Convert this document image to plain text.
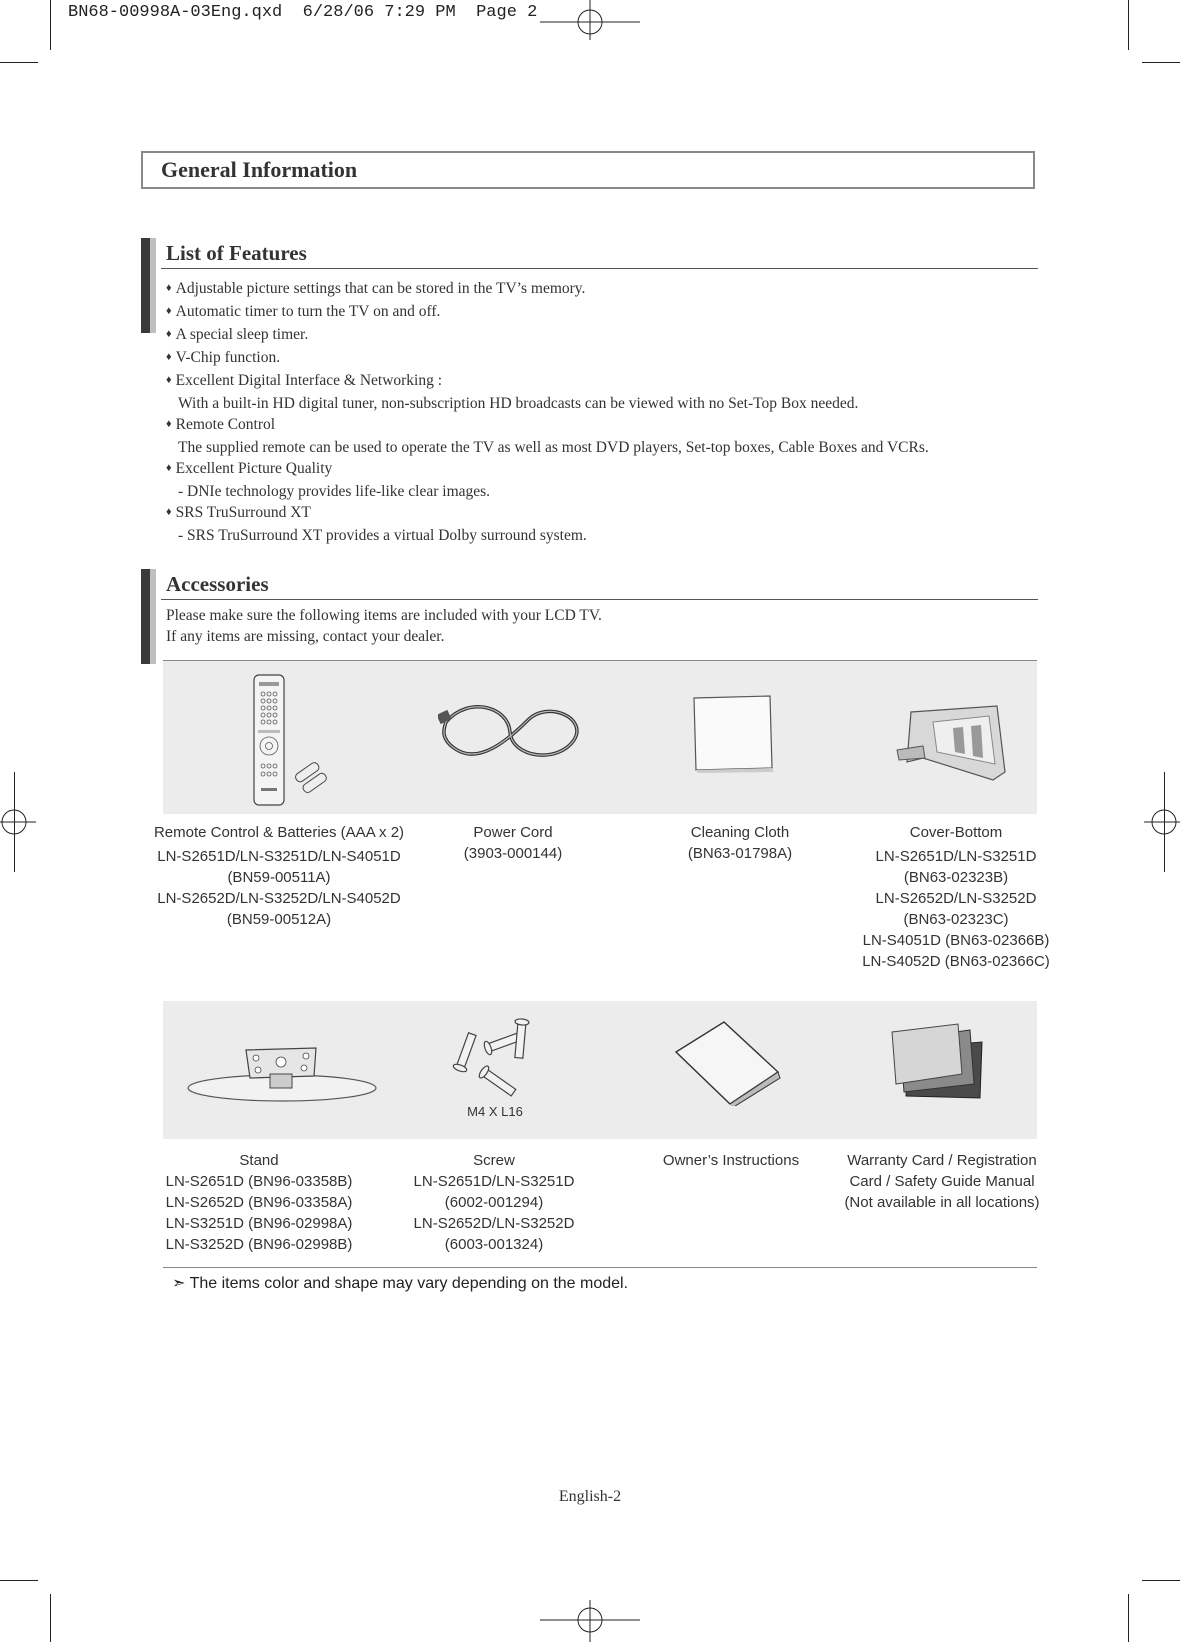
BN68-00998A-03Eng.qxd 6/28/06 7:29 PM Page 2
General Information
List of Features
♦ Adjustable picture settings that can be stored in the TV’s memory.
♦ Automatic timer to turn the TV on and off.
♦ A special sleep timer.
♦ V-Chip function.
♦ Excellent Digital Interface & Networking :
With a built-in HD digital tuner, non-subscription HD broadcasts can be viewed with no Set-Top Box needed.
♦ Remote Control
The supplied remote can be used to operate the TV as well as most DVD players, Set-top boxes, Cable Boxes and VCRs.
♦ Excellent Picture Quality
- DNIe technology provides life-like clear images.
♦ SRS TruSurround XT
- SRS TruSurround XT provides a virtual Dolby surround system.
Accessories
Please make sure the following items are included with your LCD TV.
If any items are missing, contact your dealer.
Remote Control & Batteries (AAA x 2)
LN-S2651D/LN-S3251D/LN-S4051D
(BN59-00511A)
LN-S2652D/LN-S3252D/LN-S4052D
(BN59-00512A)
Power Cord
(3903-000144)
Cleaning Cloth
(BN63-01798A)
Cover-Bottom
LN-S2651D/LN-S3251D
(BN63-02323B)
LN-S2652D/LN-S3252D
(BN63-02323C)
LN-S4051D (BN63-02366B)
LN-S4052D (BN63-02366C)
M4 X L16
Stand
LN-S2651D (BN96-03358B)
LN-S2652D (BN96-03358A)
LN-S3251D (BN96-02998A)
LN-S3252D (BN96-02998B)
Screw
LN-S2651D/LN-S3251D
(6002-001294)
LN-S2652D/LN-S3252D
(6003-001324)
Owner’s Instructions	Warranty Card / Registration
Card / Safety Guide Manual
(Not available in all locations)
➣ The items color and shape may vary depending on the model.
English-2
